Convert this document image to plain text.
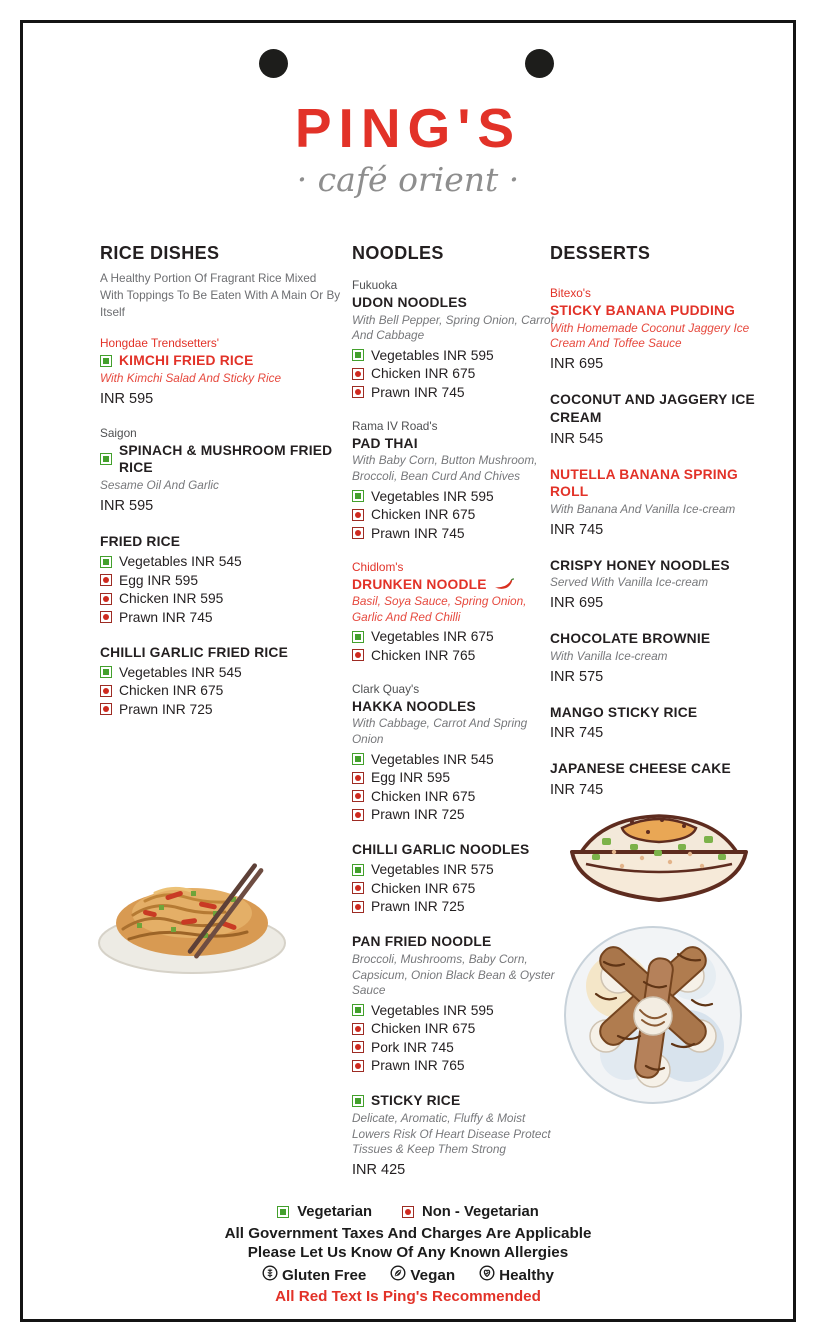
PING'S
· café orient ·
RICE DISHES

A Healthy Portion Of Fragrant Rice Mixed With Toppings To Be Eaten With A Main Or By Itself

Hongdae Trendsetters'
KIMCHI FRIED RICE
With Kimchi Salad And Sticky Rice
INR 595
Saigon
SPINACH & MUSHROOM FRIED RICE
Sesame Oil And Garlic
INR 595
FRIED RICE
Vegetables INR 545
Egg INR 595
Chicken INR 595
Prawn INR 745
CHILLI GARLIC FRIED RICE
Vegetables INR 545
Chicken INR 675
Prawn INR 725
NOODLES
Fukuoka
UDON NOODLES
With Bell Pepper, Spring Onion, Carrot And Cabbage
Vegetables INR 595
Chicken INR 675
Prawn INR 745
Rama IV Road's
PAD THAI
With Baby Corn, Button Mushroom, Broccoli, Bean Curd And Chives
Vegetables INR 595
Chicken INR 675
Prawn INR 745
Chidlom's
DRUNKEN NOODLE
Basil, Soya Sauce, Spring Onion, Garlic And Red Chilli
Vegetables INR 675
Chicken INR 765
Clark Quay's
HAKKA NOODLES
With Cabbage, Carrot And Spring Onion
Vegetables INR 545
Egg INR 595
Chicken INR 675
Prawn INR 725
CHILLI GARLIC NOODLES
Vegetables INR 575
Chicken INR 675
Prawn INR 725
PAN FRIED NOODLE
Broccoli, Mushrooms, Baby Corn, Capsicum, Onion Black Bean & Oyster Sauce
Vegetables INR 595
Chicken INR 675
Pork INR 745
Prawn INR 765
STICKY RICE
Delicate, Aromatic, Fluffy & Moist Lowers Risk Of Heart Disease Protect Tissues & Keep Them Strong
INR 425
DESSERTS
Bitexo's
STICKY BANANA PUDDING
With Homemade Coconut Jaggery Ice Cream And Toffee Sauce
INR 695
COCONUT AND JAGGERY ICE CREAM
INR 545
NUTELLA BANANA SPRING ROLL
With Banana And Vanilla Ice-cream
INR 745
CRISPY HONEY NOODLES
Served With Vanilla Ice-cream
INR 695
CHOCOLATE BROWNIE
With Vanilla Ice-cream
INR 575
MANGO STICKY RICE
INR 745
JAPANESE CHEESE CAKE
INR 745
Vegetarian	Non - Vegetarian
All Government Taxes And Charges Are Applicable
Please Let Us Know Of Any Known Allergies
Gluten Free	Vegan	Healthy
All Red Text Is Ping's Recommended
